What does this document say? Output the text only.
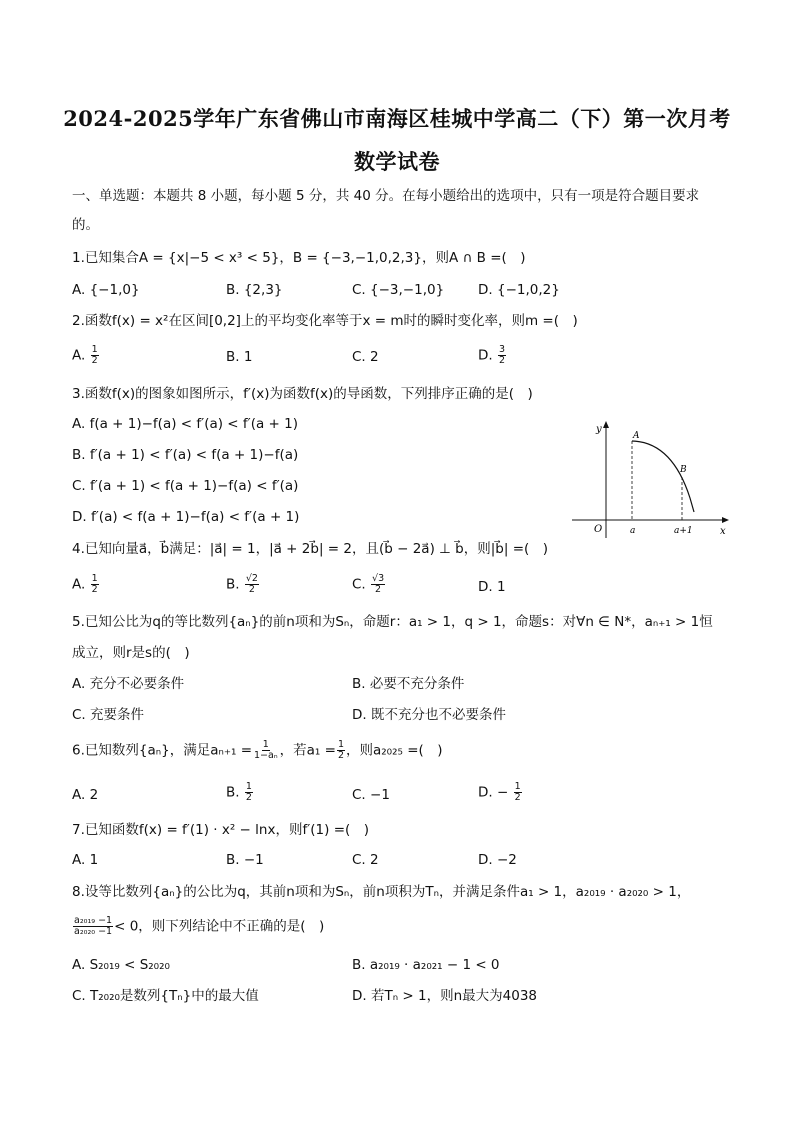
2024-2025学年广东省佛山市南海区桂城中学高二（下）第一次月考
数学试卷
一、单选题：本题共 8 小题，每小题 5 分，共 40 分。在每小题给出的选项中，只有一项是符合题目要求
的。
1.已知集合A = {x|−5 < x³ < 5}，B = {−3,−1,0,2,3}，则A ∩ B =(　)
A. {−1,0}	B. {2,3}	C. {−3,−1,0}	D. {−1,0,2}
2.函数f(x) = x²在区间[0,2]上的平均变化率等于x = m时的瞬时变化率，则m =(　)
A. $\frac{1}{2}$	B. 1	C. 2	D. $\frac{3}{2}$
3.函数f(x)的图象如图所示，f′(x)为函数f(x)的导函数，下列排序正确的是(　)
A. f(a + 1)−f(a) < f′(a) < f′(a + 1)
B. f′(a + 1) < f′(a) < f(a + 1)−f(a)
C. f′(a + 1) < f(a + 1)−f(a) < f′(a)
D. f′(a) < f(a + 1)−f(a) < f′(a + 1)
y
x
O
A
B
a	a+1
4.已知向量a⃗，b⃗满足：|a⃗| = 1，|a⃗ + 2b⃗| = 2，且(b⃗ − 2a⃗) ⊥ b⃗，则|b⃗| =(　)
A. $\frac{1}{2}$	B. $\frac{√2}{2}$	C. $\frac{√3}{2}$	D. 1
5.已知公比为q的等比数列{aₙ}的前n项和为Sₙ，命题r：a₁ > 1，q > 1，命题s：对∀n ∈ N*，aₙ₊₁ > 1恒
成立，则r是s的(　)
A. 充分不必要条件	B. 必要不充分条件
C. 充要条件	D. 既不充分也不必要条件
6.已知数列{aₙ}，满足$a_{n+1} = \frac{1}{\text{1−aₙ}}$ ，若$a_1 = \frac{1}{2}$ ，则a₂₀₂₅ =(　)
A. 2	B. $\frac{1}{2}$	C. −1	D. − $\frac{1}{2}$
7.已知函数f(x) = f′(1) · x² − lnx，则f′(1) =(　)
A. 1	B. −1	C. 2	D. −2
8.设等比数列{aₙ}的公比为q，其前n项和为Sₙ，前n项积为Tₙ，并满足条件a₁ > 1，a₂₀₁₉ · a₂₀₂₀ > 1，
$\frac{\text{a₂₀₁₉ −1}}{\text{a₂₀₂₀ −1}} < 0$，则下列结论中不正确的是(　)
A. S₂₀₁₉ < S₂₀₂₀	B. a₂₀₁₉ · a₂₀₂₁ − 1 < 0
C. T₂₀₂₀是数列{Tₙ}中的最大值	D. 若Tₙ > 1，则n最大为4038
